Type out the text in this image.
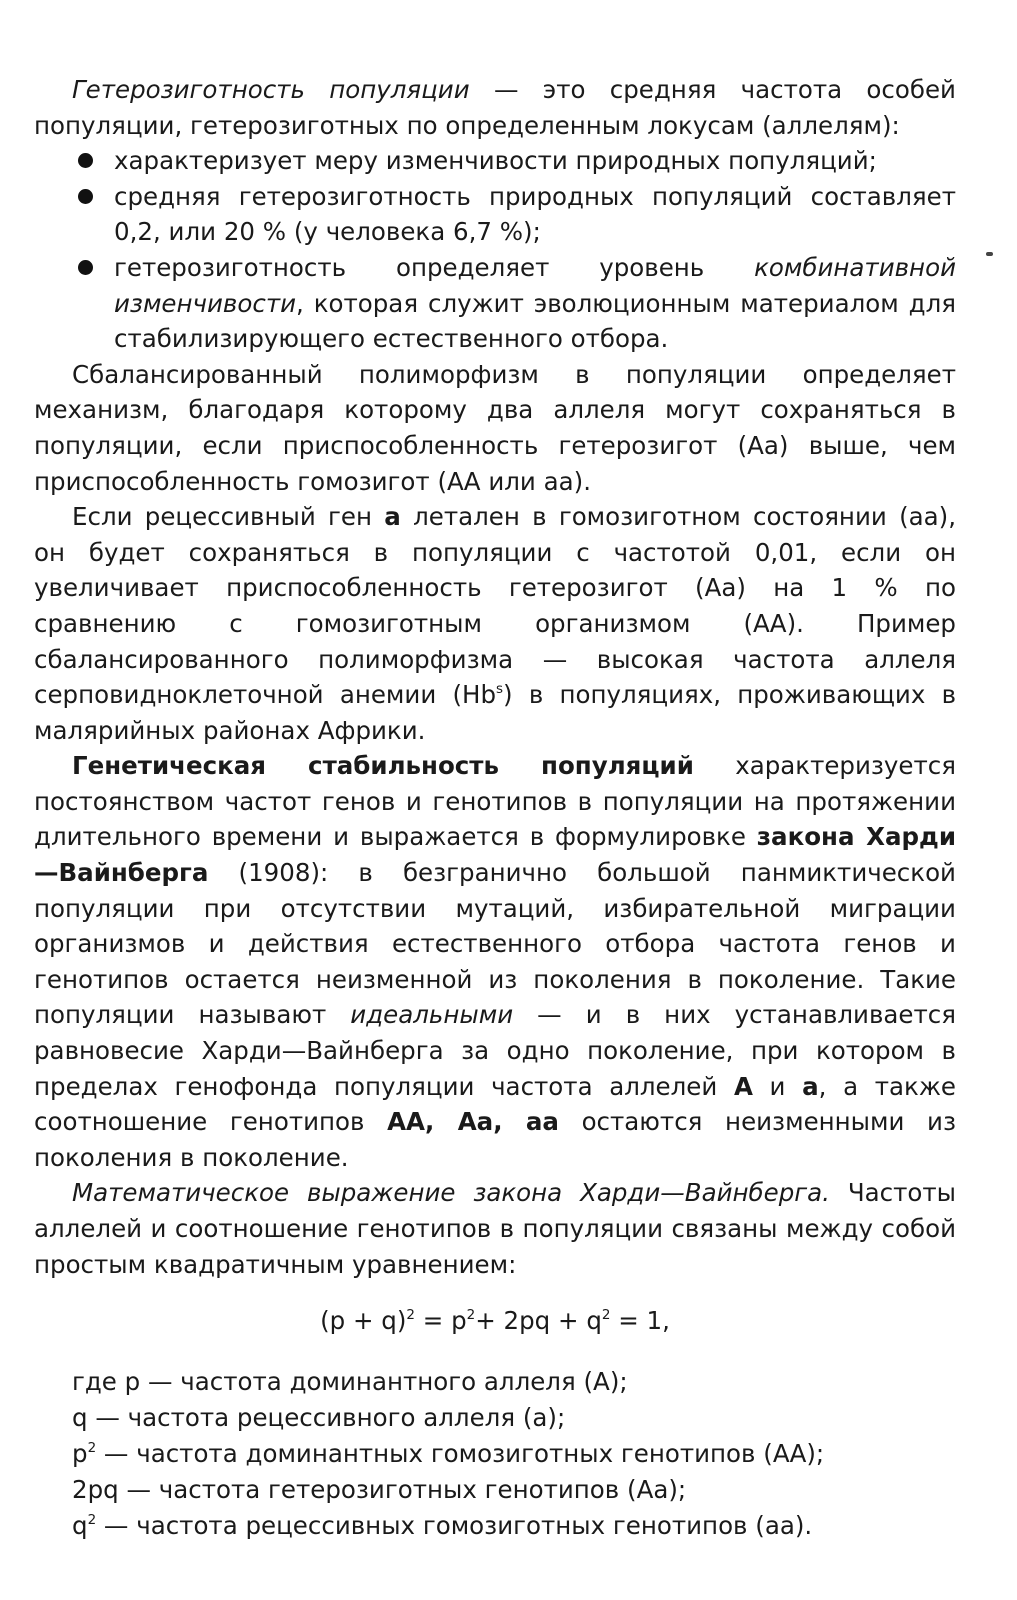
Гетерозиготность популяции — это средняя частота особей популяции, гетерозиготных по определенным локусам (аллелям):

характеризует меру изменчивости природных популяций;
средняя гетерозиготность природных популяций составляет 0,2, или 20 % (у человека 6,7 %);
гетерозиготность определяет уровень комбинативной изменчивости, которая служит эволюционным материалом для стабилизирующего естественного отбора.

Сбалансированный полиморфизм в популяции определяет механизм, благодаря которому два аллеля могут сохраняться в популяции, если приспособленность гетерозигот (Аа) выше, чем приспособленность гомозигот (АА или аа).

Если рецессивный ген а летален в гомозиготном состоянии (аа), он будет сохраняться в популяции с частотой 0,01, если он увеличивает приспособленность гетерозигот (Аа) на 1 % по сравнению с гомозиготным организмом (АА). Пример сбалансированного полиморфизма — высокая частота аллеля серповидноклеточной анемии (Hb$^s$) в популяциях, проживающих в малярийных районах Африки.

Генетическая стабильность популяций характеризуется постоянством частот генов и генотипов в популяции на протяжении длительного времени и выражается в формулировке закона Харди—Вайнберга (1908): в безгранично большой панмиктической популяции при отсутствии мутаций, избирательной миграции организмов и действия естественного отбора частота генов и генотипов остается неизменной из поколения в поколение. Такие популяции называют идеальными — и в них устанавливается равновесие Харди—Вайнберга за одно поколение, при котором в пределах генофонда популяции частота аллелей А и а, а также соотношение генотипов АА, Аа, аа остаются неизменными из поколения в поколение.

Математическое выражение закона Харди—Вайнберга. Частоты аллелей и соотношение генотипов в популяции связаны между собой простым квадратичным уравнением:

$(p + q)^2 = p^2+ 2pq + q^2 = 1$,
где p — частота доминантного аллеля (А);
q — частота рецессивного аллеля (а);
$p^2$ — частота доминантных гомозиготных генотипов (АА);
2pq — частота гетерозиготных генотипов (Аа);
$q^2$ — частота рецессивных гомозиготных генотипов (аа).
